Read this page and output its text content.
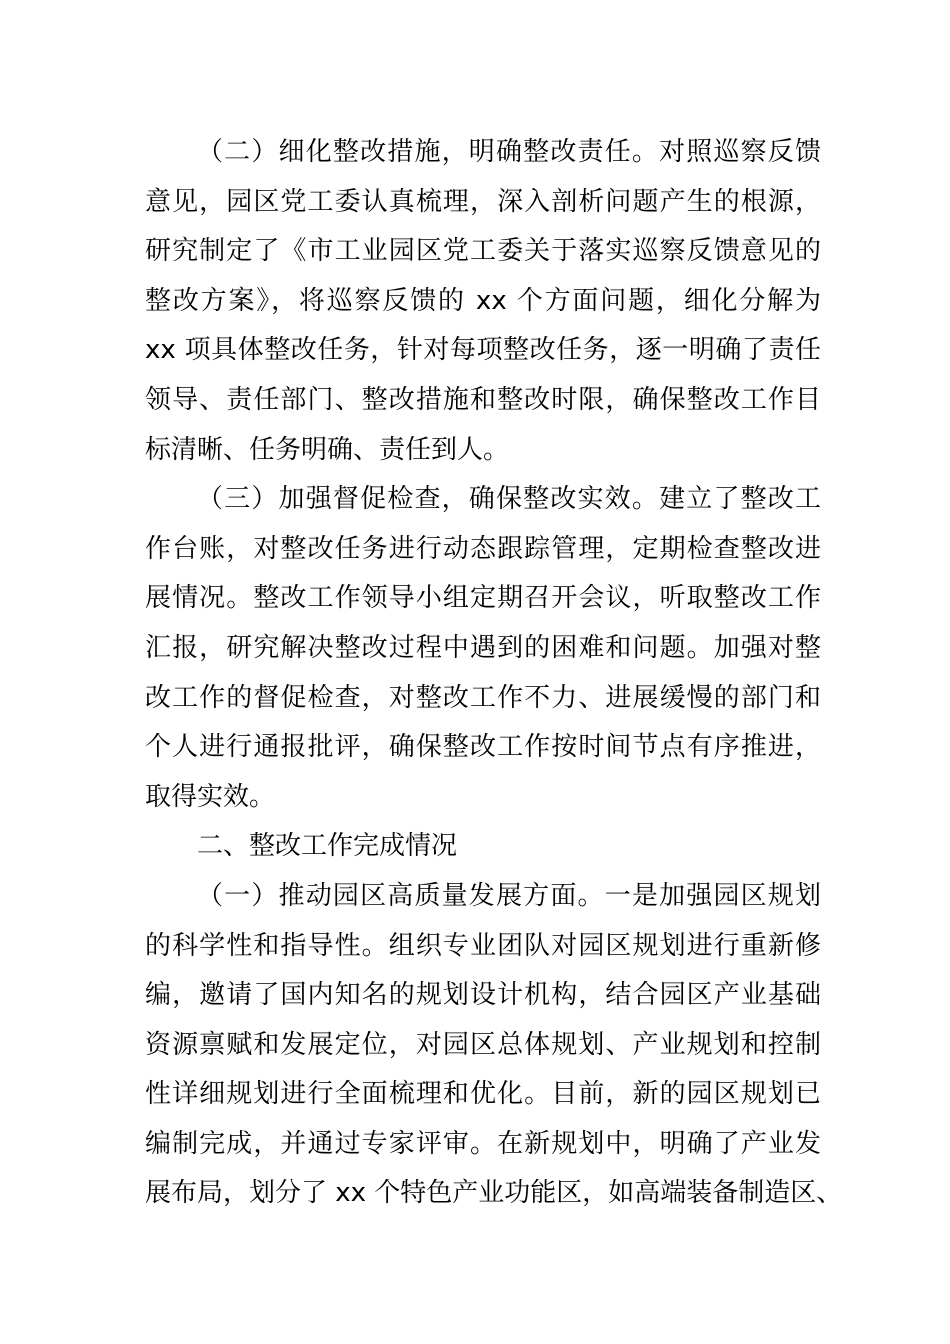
（二）细化整改措施，明确整改责任。对照巡察反馈
意见，园区党工委认真梳理，深入剖析问题产生的根源，
研究制定了《市工业园区党工委关于落实巡察反馈意见的
整改方案》，将巡察反馈的 xx 个方面问题，细化分解为
xx 项具体整改任务，针对每项整改任务，逐一明确了责任
领导、责任部门、整改措施和整改时限，确保整改工作目
标清晰、任务明确、责任到人。
（三）加强督促检查，确保整改实效。建立了整改工
作台账，对整改任务进行动态跟踪管理，定期检查整改进
展情况。整改工作领导小组定期召开会议，听取整改工作
汇报，研究解决整改过程中遇到的困难和问题。加强对整
改工作的督促检查，对整改工作不力、进展缓慢的部门和
个人进行通报批评，确保整改工作按时间节点有序推进，
取得实效。
二、整改工作完成情况
（一）推动园区高质量发展方面。一是加强园区规划
的科学性和指导性。组织专业团队对园区规划进行重新修
编，邀请了国内知名的规划设计机构，结合园区产业基础
资源禀赋和发展定位，对园区总体规划、产业规划和控制
性详细规划进行全面梳理和优化。目前，新的园区规划已
编制完成，并通过专家评审。在新规划中，明确了产业发
展布局，划分了 xx 个特色产业功能区，如高端装备制造区、
